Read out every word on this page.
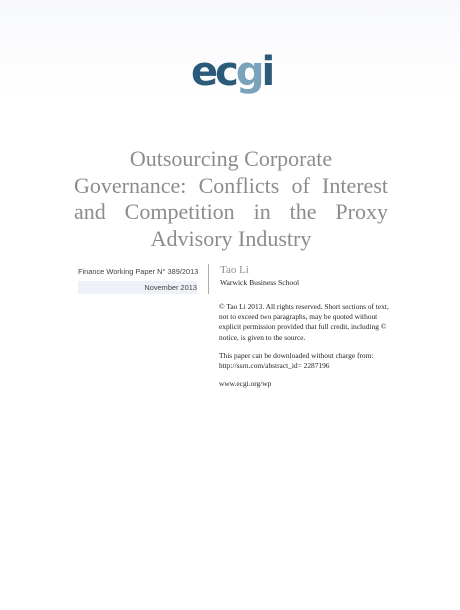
ecgi
Outsourcing Corporate
Governance: Conflicts of Interest
and Competition in the Proxy
Advisory Industry
Finance Working Paper N° 389/2013
November 2013
Tao Li
Warwick Business School

© Tao Li 2013. All rights reserved. Short sections of text, not to exceed two paragraphs, may be quoted without explicit permission provided that full credit, including © notice, is given to the source.

This paper can be downloaded without charge from:
http://ssrn.com/abstract_id= 2287196

www.ecgi.org/wp
